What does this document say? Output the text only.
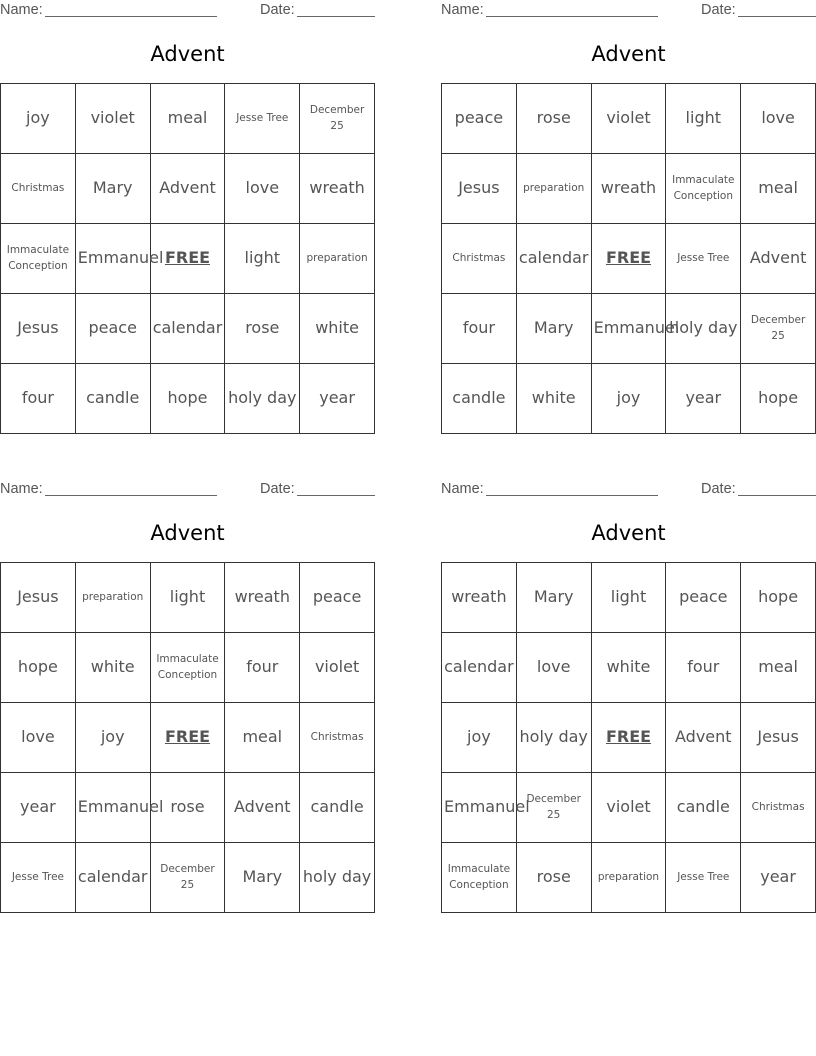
Name:	Date:
Advent
joy	violet	meal	Jesse Tree	December 25
Christmas	Mary	Advent	love	wreath
Immaculate Conception	Emmanuel	FREE	light	preparation
Jesus	peace	calendar	rose	white
four	candle	hope	holy day	year
Name:	Date:
Advent
peace	rose	violet	light	love
Jesus	preparation	wreath	Immaculate Conception	meal
Christmas	calendar	FREE	Jesse Tree	Advent
four	Mary	Emmanuel	holy day	December 25
candle	white	joy	year	hope
Name:	Date:
Advent
Jesus	preparation	light	wreath	peace
hope	white	Immaculate Conception	four	violet
love	joy	FREE	meal	Christmas
year	Emmanuel	rose	Advent	candle
Jesse Tree	calendar	December 25	Mary	holy day
Name:	Date:
Advent
wreath	Mary	light	peace	hope
calendar	love	white	four	meal
joy	holy day	FREE	Advent	Jesus
Emmanuel	December 25	violet	candle	Christmas
Immaculate Conception	rose	preparation	Jesse Tree	year
